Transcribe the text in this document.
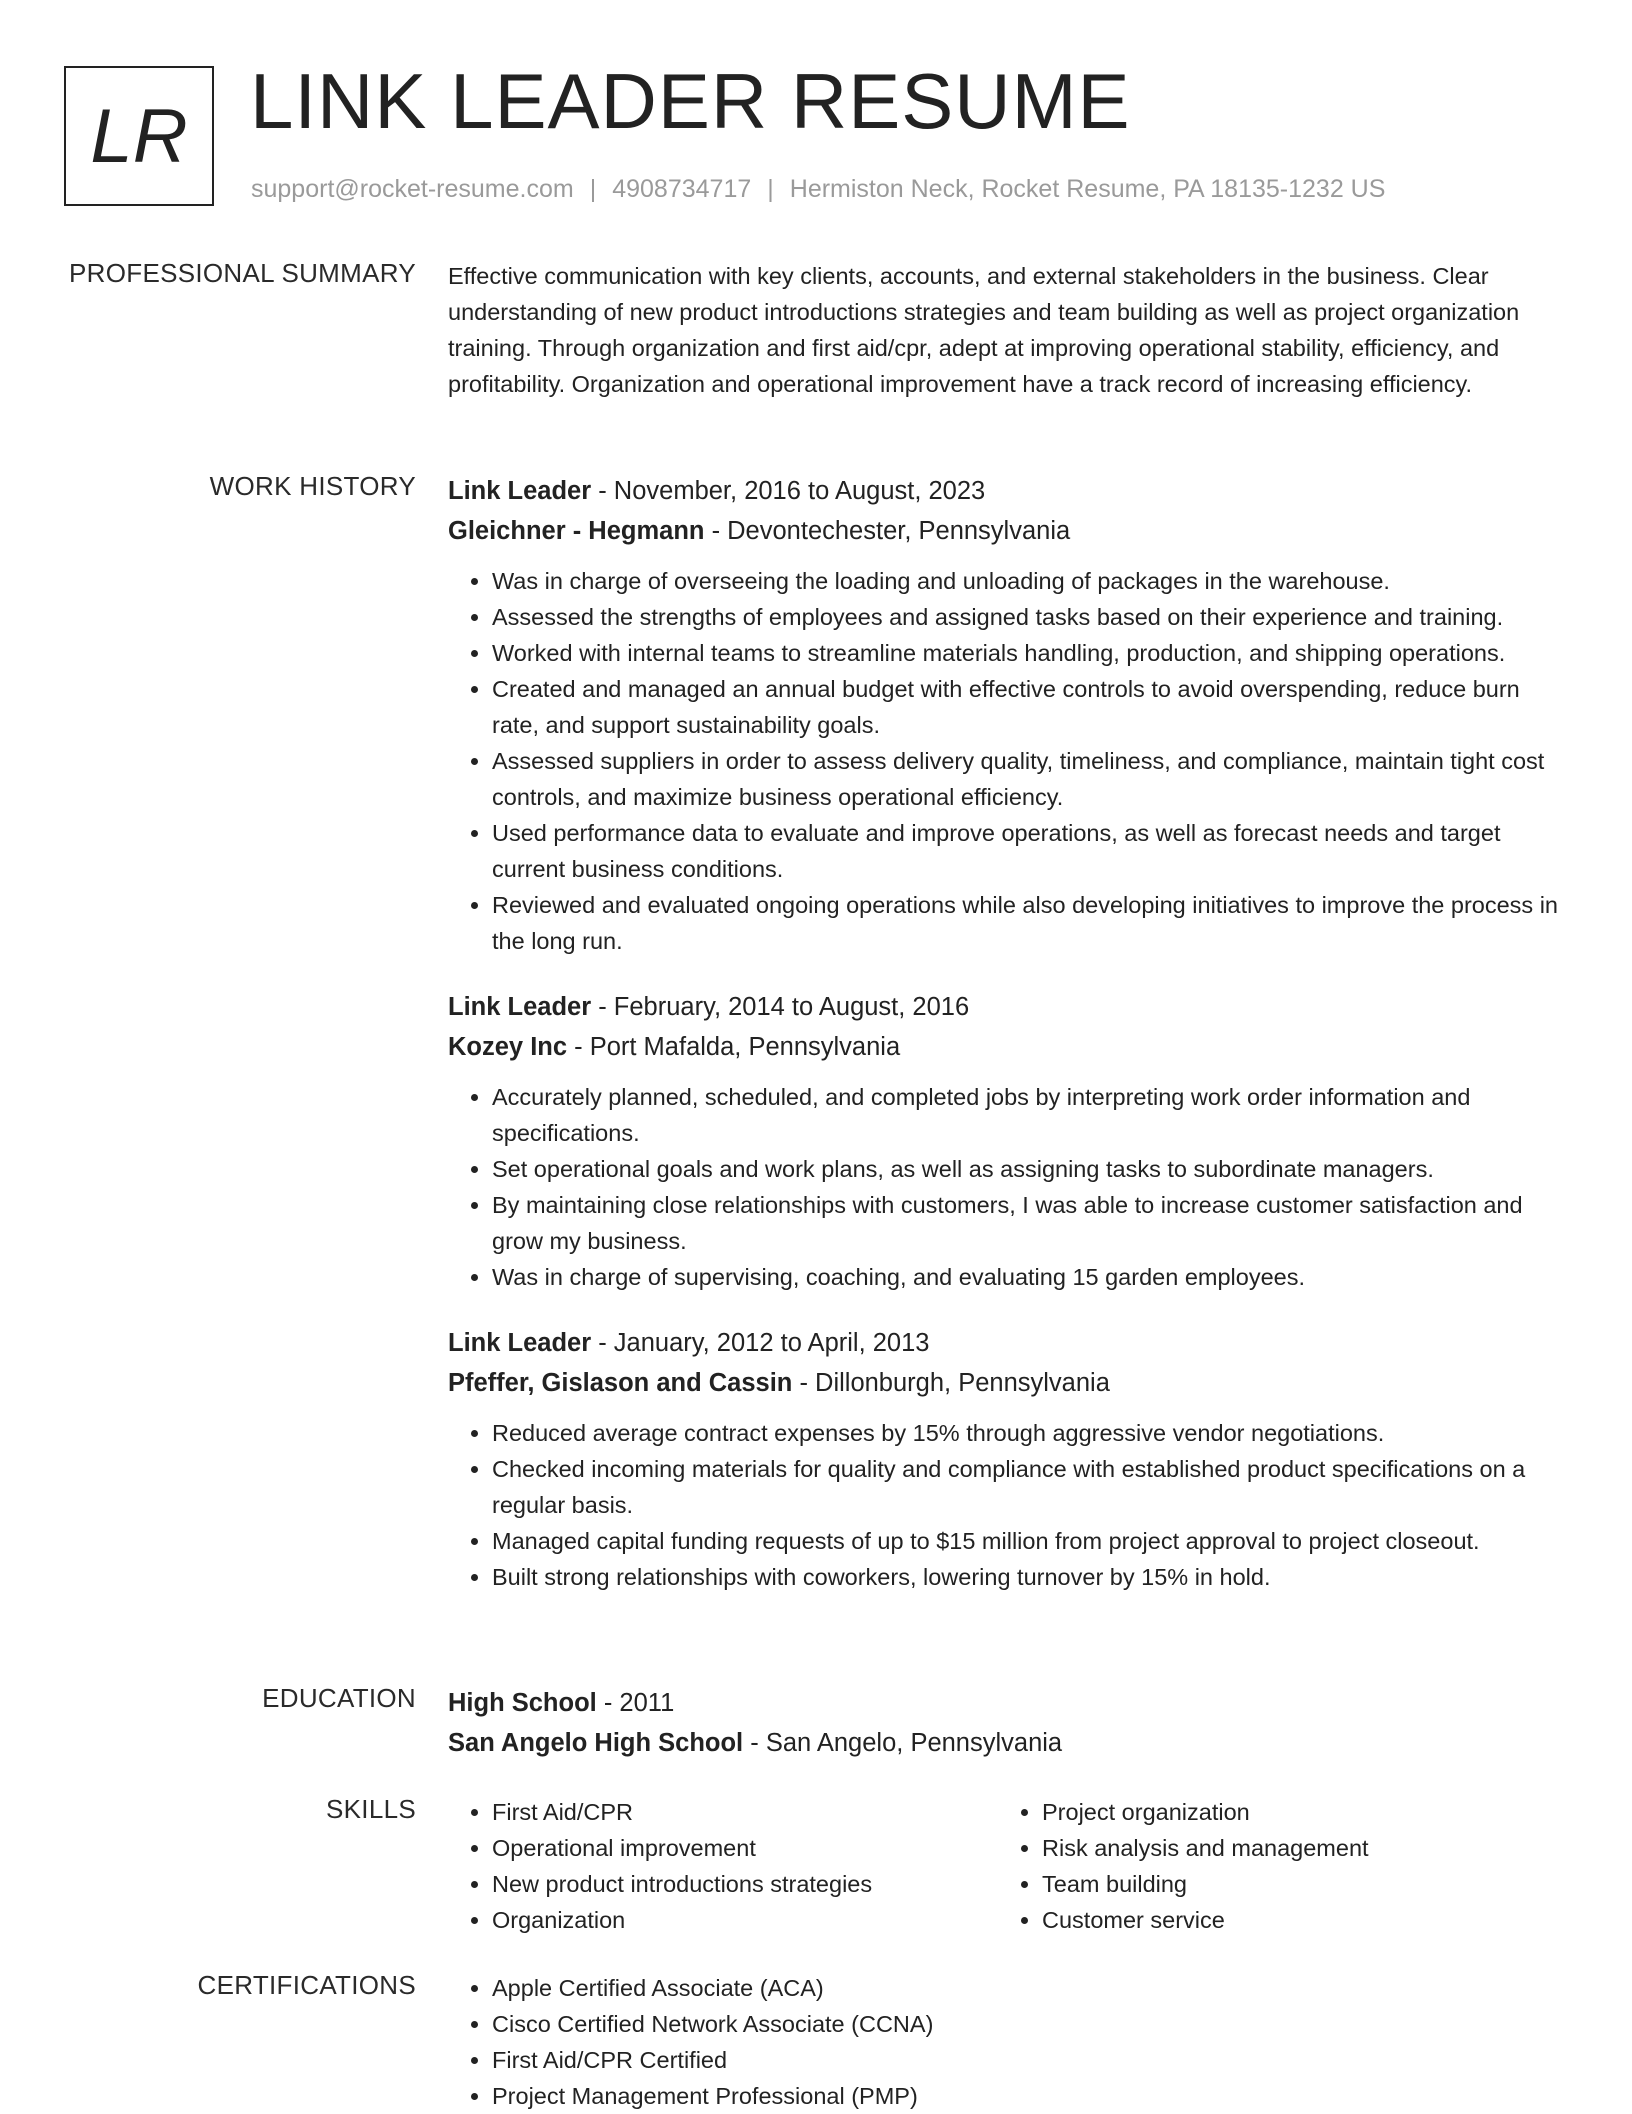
LR LINK LEADER RESUME
support@rocket-resume.com | 4908734717 | Hermiston Neck, Rocket Resume, PA 18135-1232 US
PROFESSIONAL SUMMARY Effective communication with key clients, accounts, and external stakeholders in the business. Clear understanding of new product introductions strategies and team building as well as project organization training. Through organization and first aid/cpr, adept at improving operational stability, efficiency, and profitability. Organization and operational improvement have a track record of increasing efficiency.

WORK HISTORY Link Leader - November, 2016 to August, 2023
Gleichner - Hegmann - Devontechester, Pennsylvania
• Was in charge of overseeing the loading and unloading of packages in the warehouse.
• Assessed the strengths of employees and assigned tasks based on their experience and training.
• Worked with internal teams to streamline materials handling, production, and shipping operations.
• Created and managed an annual budget with effective controls to avoid overspending, reduce burn rate, and support sustainability goals.
• Assessed suppliers in order to assess delivery quality, timeliness, and compliance, maintain tight cost controls, and maximize business operational efficiency.
• Used performance data to evaluate and improve operations, as well as forecast needs and target current business conditions.
• Reviewed and evaluated ongoing operations while also developing initiatives to improve the process in the long run.
Link Leader - February, 2014 to August, 2016
Kozey Inc - Port Mafalda, Pennsylvania
• Accurately planned, scheduled, and completed jobs by interpreting work order information and specifications.
• Set operational goals and work plans, as well as assigning tasks to subordinate managers.
• By maintaining close relationships with customers, I was able to increase customer satisfaction and grow my business.
• Was in charge of supervising, coaching, and evaluating 15 garden employees.
Link Leader - January, 2012 to April, 2013
Pfeffer, Gislason and Cassin - Dillonburgh, Pennsylvania
• Reduced average contract expenses by 15% through aggressive vendor negotiations.
• Checked incoming materials for quality and compliance with established product specifications on a regular basis.
• Managed capital funding requests of up to $15 million from project approval to project closeout.
• Built strong relationships with coworkers, lowering turnover by 15% in hold.
EDUCATION High School - 2011
San Angelo High School - San Angelo, Pennsylvania
SKILLS	• First Aid/CPR
• Operational improvement
• New product introductions strategies
• Organization
• Project organization
• Risk analysis and management
• Team building
• Customer service
CERTIFICATIONS	• Apple Certified Associate (ACA)
• Cisco Certified Network Associate (CCNA)
• First Aid/CPR Certified
• Project Management Professional (PMP)
